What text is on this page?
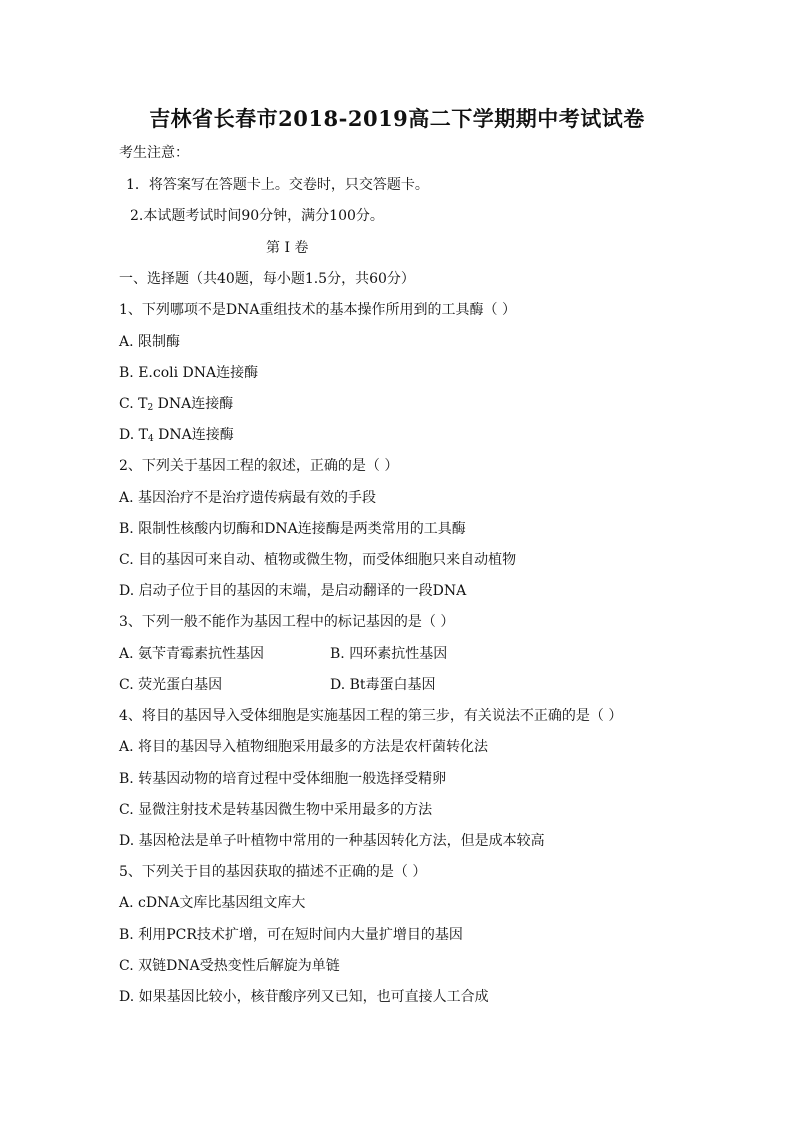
吉林省长春市2018-2019高二下学期期中考试试卷
考生注意：
1．将答案写在答题卡上。交卷时，只交答题卡。
2.本试题考试时间90分钟，满分100分。
第 I 卷
一、选择题（共40题，每小题1.5分，共60分）
1、下列哪项不是DNA重组技术的基本操作所用到的工具酶（ ）
A. 限制酶
B. E.coli DNA连接酶
C. $T_2$ DNA连接酶
D. $T_4$ DNA连接酶
2、下列关于基因工程的叙述，正确的是（ ）
A. 基因治疗不是治疗遗传病最有效的手段
B. 限制性核酸内切酶和DNA连接酶是两类常用的工具酶
C. 目的基因可来自动、植物或微生物，而受体细胞只来自动植物
D. 启动子位于目的基因的末端，是启动翻译的一段DNA
3、下列一般不能作为基因工程中的标记基因的是（ ）
A. 氨苄青霉素抗性基因	B. 四环素抗性基因
C. 荧光蛋白基因	D. Bt毒蛋白基因
4、将目的基因导入受体细胞是实施基因工程的第三步，有关说法不正确的是（ ）
A. 将目的基因导入植物细胞采用最多的方法是农杆菌转化法
B. 转基因动物的培育过程中受体细胞一般选择受精卵
C. 显微注射技术是转基因微生物中采用最多的方法
D. 基因枪法是单子叶植物中常用的一种基因转化方法，但是成本较高
5、下列关于目的基因获取的描述不正确的是（ ）
A. cDNA文库比基因组文库大
B. 利用PCR技术扩增，可在短时间内大量扩增目的基因
C. 双链DNA受热变性后解旋为单链
D. 如果基因比较小，核苷酸序列又已知，也可直接人工合成
